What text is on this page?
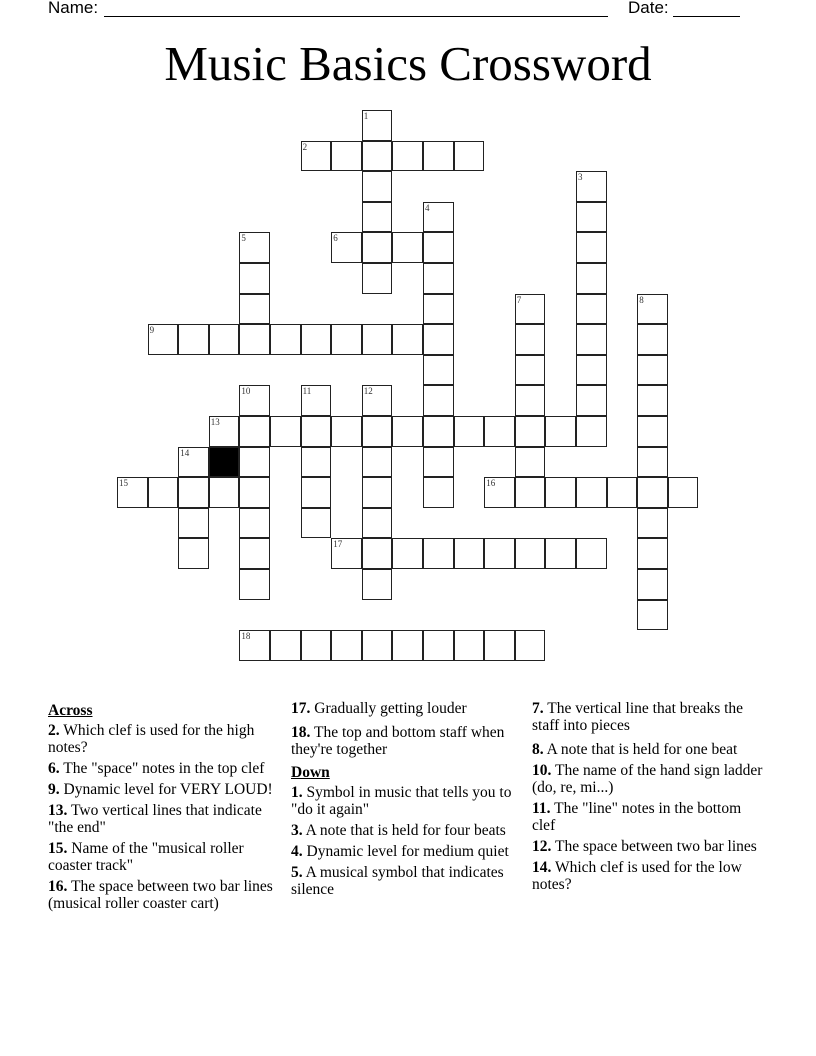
Name:	Date:
Music Basics Crossword
1
2
3
4
5	6
7	8
9
10	11	12
13
14
15	16
17
18
Across
2. Which clef is used for the high notes?
6. The "space" notes in the top clef
9. Dynamic level for VERY LOUD!
13. Two vertical lines that indicate "the end"
15. Name of the "musical roller coaster track"
16. The space between two bar lines (musical roller coaster cart)
17. Gradually getting louder
18. The top and bottom staff when they're together
Down
1. Symbol in music that tells you to "do it again"
3. A note that is held for four beats
4. Dynamic level for medium quiet
5. A musical symbol that indicates silence
7. The vertical line that breaks the staff into pieces
8. A note that is held for one beat
10. The name of the hand sign ladder (do, re, mi...)
11. The "line" notes in the bottom clef
12. The space between two bar lines
14. Which clef is used for the low notes?
